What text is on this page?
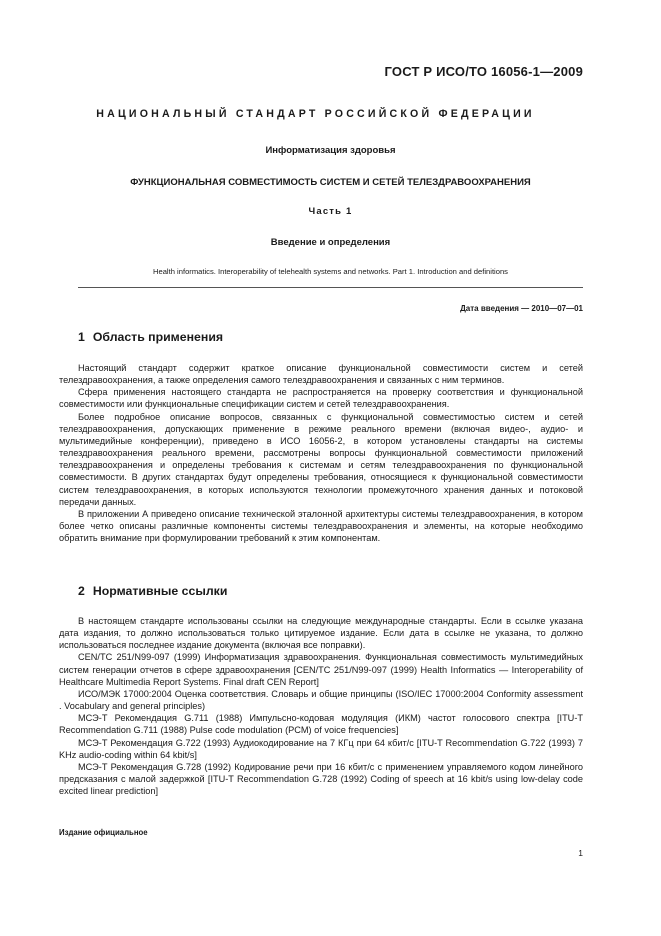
ГОСТ Р ИСО/ТО 16056-1—2009
НАЦИОНАЛЬНЫЙ СТАНДАРТ РОССИЙСКОЙ ФЕДЕРАЦИИ
Информатизация здоровья
ФУНКЦИОНАЛЬНАЯ СОВМЕСТИМОСТЬ СИСТЕМ И СЕТЕЙ ТЕЛЕЗДРАВООХРАНЕНИЯ
Часть 1
Введение и определения
Health informatics. Interoperability of telehealth systems and networks. Part 1. Introduction and definitions
Дата введения — 2010—07—01
1 Область применения

Настоящий стандарт содержит краткое описание функциональной совместимости систем и сетей телездравоохранения, а также определения самого телездравоохранения и связанных с ним терминов.

Сфера применения настоящего стандарта не распространяется на проверку соответствия и функциональной совместимости или функциональные спецификации систем и сетей телездравоохранения.

Более подробное описание вопросов, связанных с функциональной совместимостью систем и сетей телездравоохранения, допускающих применение в режиме реального времени (включая видео-, аудио- и мультимедийные конференции), приведено в ИСО 16056-2, в котором установлены стандарты на системы телездравоохранения реального времени, рассмотрены вопросы функциональной совместимости приложений телездравоохранения и определены требования к системам и сетям телездравоохранения по функциональной совместимости. В других стандартах будут определены требования, относящиеся к функциональной совместимости систем телездравоохранения, в которых используются технологии промежуточного хранения данных и потоковой передачи данных.

В приложении А приведено описание технической эталонной архитектуры системы телездравоохранения, в котором более четко описаны различные компоненты системы телездравоохранения и элементы, на которые необходимо обратить внимание при формулировании требований к этим компонентам.

2 Нормативные ссылки

В настоящем стандарте использованы ссылки на следующие международные стандарты. Если в ссылке указана дата издания, то должно использоваться только цитируемое издание. Если дата в ссылке не указана, то должно использоваться последнее издание документа (включая все поправки).

CEN/TC 251/N99-097 (1999) Информатизация здравоохранения. Функциональная совместимость мультимедийных систем генерации отчетов в сфере здравоохранения [CEN/TC 251/N99-097 (1999) Health Informatics — Interoperability of Healthcare Multimedia Report Systems. Final draft CEN Report]

ИСО/МЭК 17000:2004 Оценка соответствия. Словарь и общие принципы (ISO/IEC 17000:2004 Conformity assessment . Vocabulary and general principles)

МСЭ-Т Рекомендация G.711 (1988) Импульсно-кодовая модуляция (ИКМ) частот голосового спектра [ITU-T Recommendation G.711 (1988) Pulse code modulation (PCM) of voice frequencies]

МСЭ-Т Рекомендация G.722 (1993) Аудиокодирование на 7 КГц при 64 кбит/с [ITU-T Recommendation G.722 (1993) 7 KHz audio-coding within 64 kbit/s]

МСЭ-Т Рекомендация G.728 (1992) Кодирование речи при 16 кбит/с с применением управляемого кодом линейного предсказания с малой задержкой [ITU-T Recommendation G.728 (1992) Coding of speech at 16 kbit/s using low-delay code excited linear prediction]

Издание официальное
1
